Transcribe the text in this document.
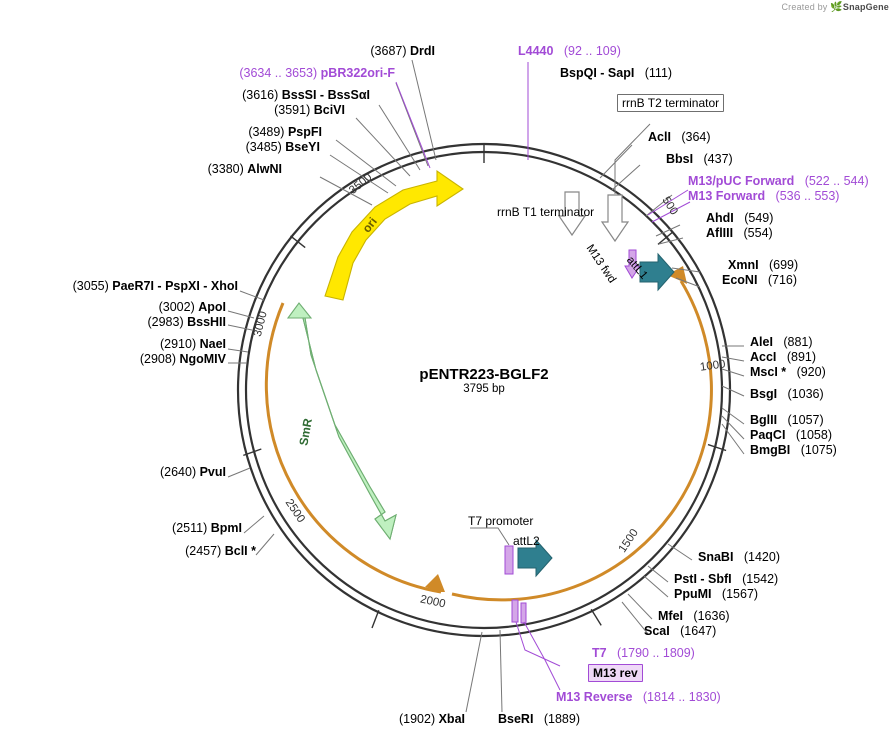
Created by 🌿SnapGene
pENTR223-BGLF2
3795 bp
500
1000
1500
2000
2500
3000
3500
ori
SmR
rrnB T1 terminator
M13 fwd attL1
attL2
T7 promoter
rrnB T2 terminator
(3687) DrdI	L4440 (92 .. 109)
(3634 .. 3653) pBR322ori-F	BspQI - SapI (111)
(3616) BssSI - BssSαI
(3591) BciVI
(3489) PspFI
(3485) BseYI
AclI (364)
(3380) AlwNI
BbsI (437)
M13/pUC Forward (522 .. 544)
M13 Forward (536 .. 553)
AhdI (549)
AflIII (554)
XmnI (699)
EcoNI (716)
(3055) PaeR7I - PspXI - XhoI
(3002) ApoI
(2983) BssHII
(2910) NaeI
(2908) NgoMIV
(2640) PvuI
(2511) BpmI
(2457) BclI *
AleI (881)
AccI (891)
MscI * (920)
BsgI (1036)
BglII (1057)
PaqCI (1058)
BmgBI (1075)
SnaBI (1420)
PstI - SbfI (1542)
PpuMI (1567)
MfeI (1636)
ScaI (1647)
T7 (1790 .. 1809)
M13 rev
M13 Reverse (1814 .. 1830)
BseRI (1889)
(1902) XbaI
